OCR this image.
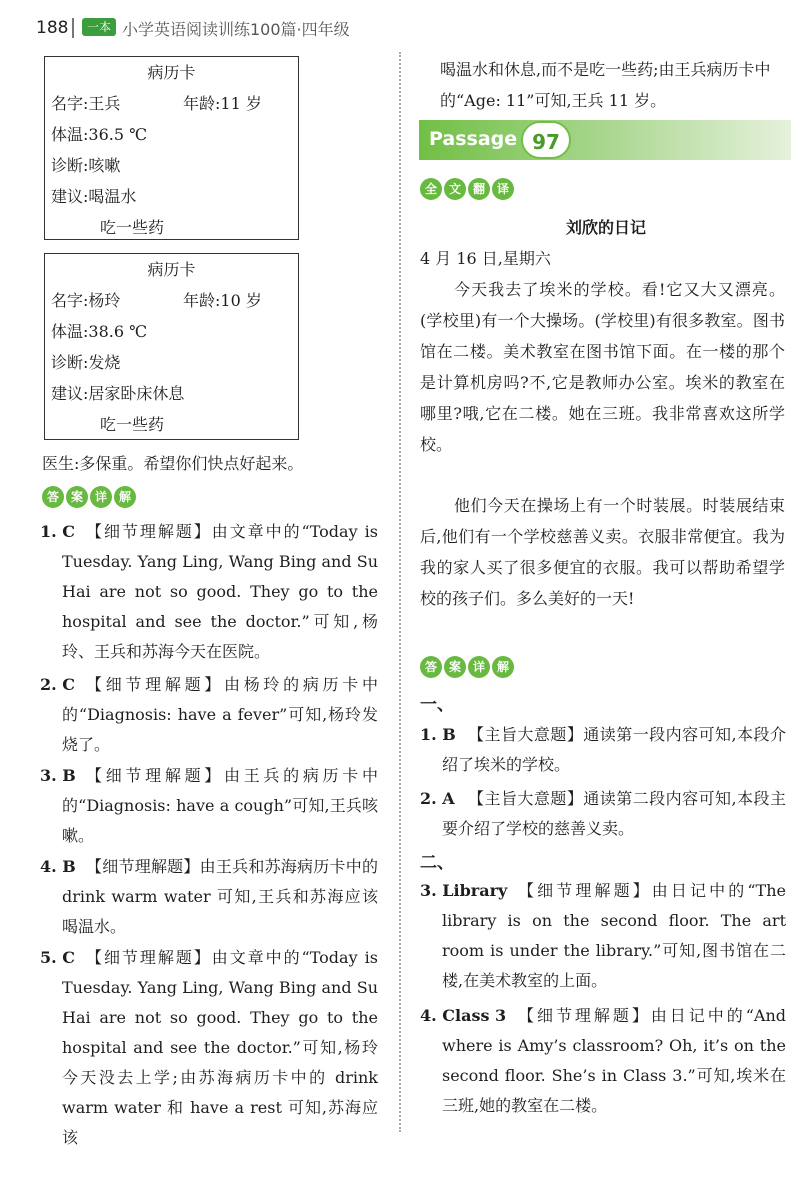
188	一本 小学英语阅读训练100篇·四年级
病历卡
名字:王兵	年龄:11 岁
体温:36.5 ℃
诊断:咳嗽
建议:喝温水
吃一些药
病历卡
名字:杨玲	年龄:10 岁
体温:38.6 ℃
诊断:发烧
建议:居家卧床休息
吃一些药
医生:多保重。希望你们快点好起来。
答 案 详 解
1. C 【细节理解题】由文章中的“Today is Tuesday. Yang Ling, Wang Bing and Su Hai are not so good. They go to the hospital and see the doctor.”可知,杨玲、王兵和苏海今天在医院。
2. C 【细节理解题】由杨玲的病历卡中的“Diagnosis: have a fever”可知,杨玲发烧了。
3. B 【细节理解题】由王兵的病历卡中的“Diagnosis: have a cough”可知,王兵咳嗽。
4. B 【细节理解题】由王兵和苏海病历卡中的 drink warm water 可知,王兵和苏海应该喝温水。
5. C 【细节理解题】由文章中的“Today is Tuesday. Yang Ling, Wang Bing and Su Hai are not so good. They go to the hospital and see the doctor.”可知,杨玲今天没去上学;由苏海病历卡中的 drink warm water 和 have a rest 可知,苏海应该
喝温水和休息,而不是吃一些药;由王兵病历卡中的“Age: 11”可知,王兵 11 岁。
Passage 97
全 文 翻 译
刘欣的日记
4 月 16 日,星期六
今天我去了埃米的学校。看!它又大又漂亮。(学校里)有一个大操场。(学校里)有很多教室。图书馆在二楼。美术教室在图书馆下面。在一楼的那个是计算机房吗?不,它是教师办公室。埃米的教室在哪里?哦,它在二楼。她在三班。我非常喜欢这所学校。
他们今天在操场上有一个时装展。时装展结束后,他们有一个学校慈善义卖。衣服非常便宜。我为我的家人买了很多便宜的衣服。我可以帮助希望学校的孩子们。多么美好的一天!
答 案 详 解
一、
1. B 【主旨大意题】通读第一段内容可知,本段介绍了埃米的学校。
2. A 【主旨大意题】通读第二段内容可知,本段主要介绍了学校的慈善义卖。
二、
3. Library 【细节理解题】由日记中的“The library is on the second floor. The art room is under the library.”可知,图书馆在二楼,在美术教室的上面。
4. Class 3 【细节理解题】由日记中的“And where is Amy’s classroom? Oh, it’s on the second floor. She’s in Class 3.”可知,埃米在三班,她的教室在二楼。
